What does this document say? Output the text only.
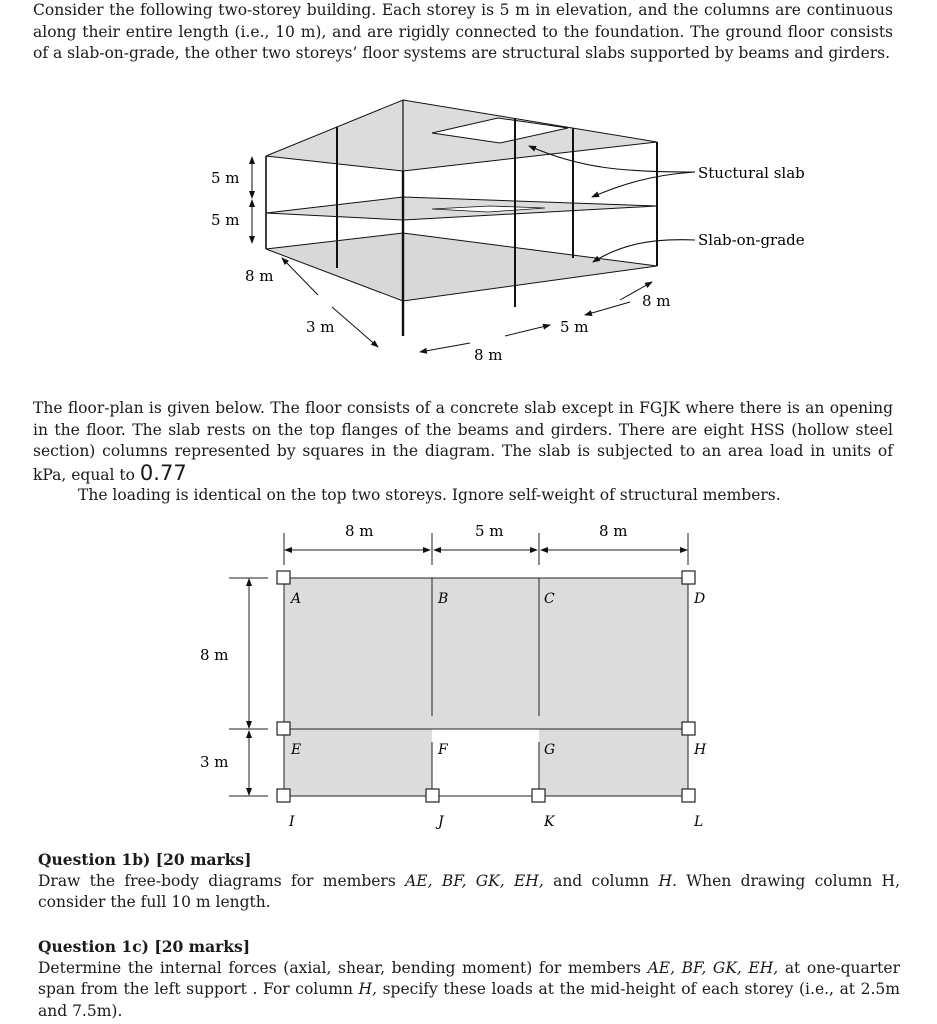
Consider the following two-storey building. Each storey is 5 m in elevation, and the columns are continuous along their entire length (i.e., 10 m), and are rigidly connected to the foundation. The ground floor consists of a slab-on-grade, the other two storeys’ floor systems are structural slabs supported by beams and girders.

5 m
5 m
8 m
3 m
8 m
5 m
8 m
Stuctural slab
Slab-on-grade

The floor-plan is given below. The floor consists of a concrete slab except in FGJK where there is an opening in the floor. The slab rests on the top flanges of the beams and girders. There are eight HSS (hollow steel section) columns represented by squares in the diagram. The slab is subjected to an area load in units of kPa, equal to 0.77

The loading is identical on the top two storeys. Ignore self-weight of structural members.

8 m	5 m	8 m
8 m
3 m
A	B	C	D
E	F	G	H
I	J	K	L
Question 1b) [20 marks]
Draw the free-body diagrams for members AE, BF, GK, EH, and column H. When drawing column H, consider the full 10 m length.
Question 1c) [20 marks]
Determine the internal forces (axial, shear, bending moment) for members AE, BF, GK, EH, at one-quarter span from the left support . For column H, specify these loads at the mid-height of each storey (i.e., at 2.5m and 7.5m).
